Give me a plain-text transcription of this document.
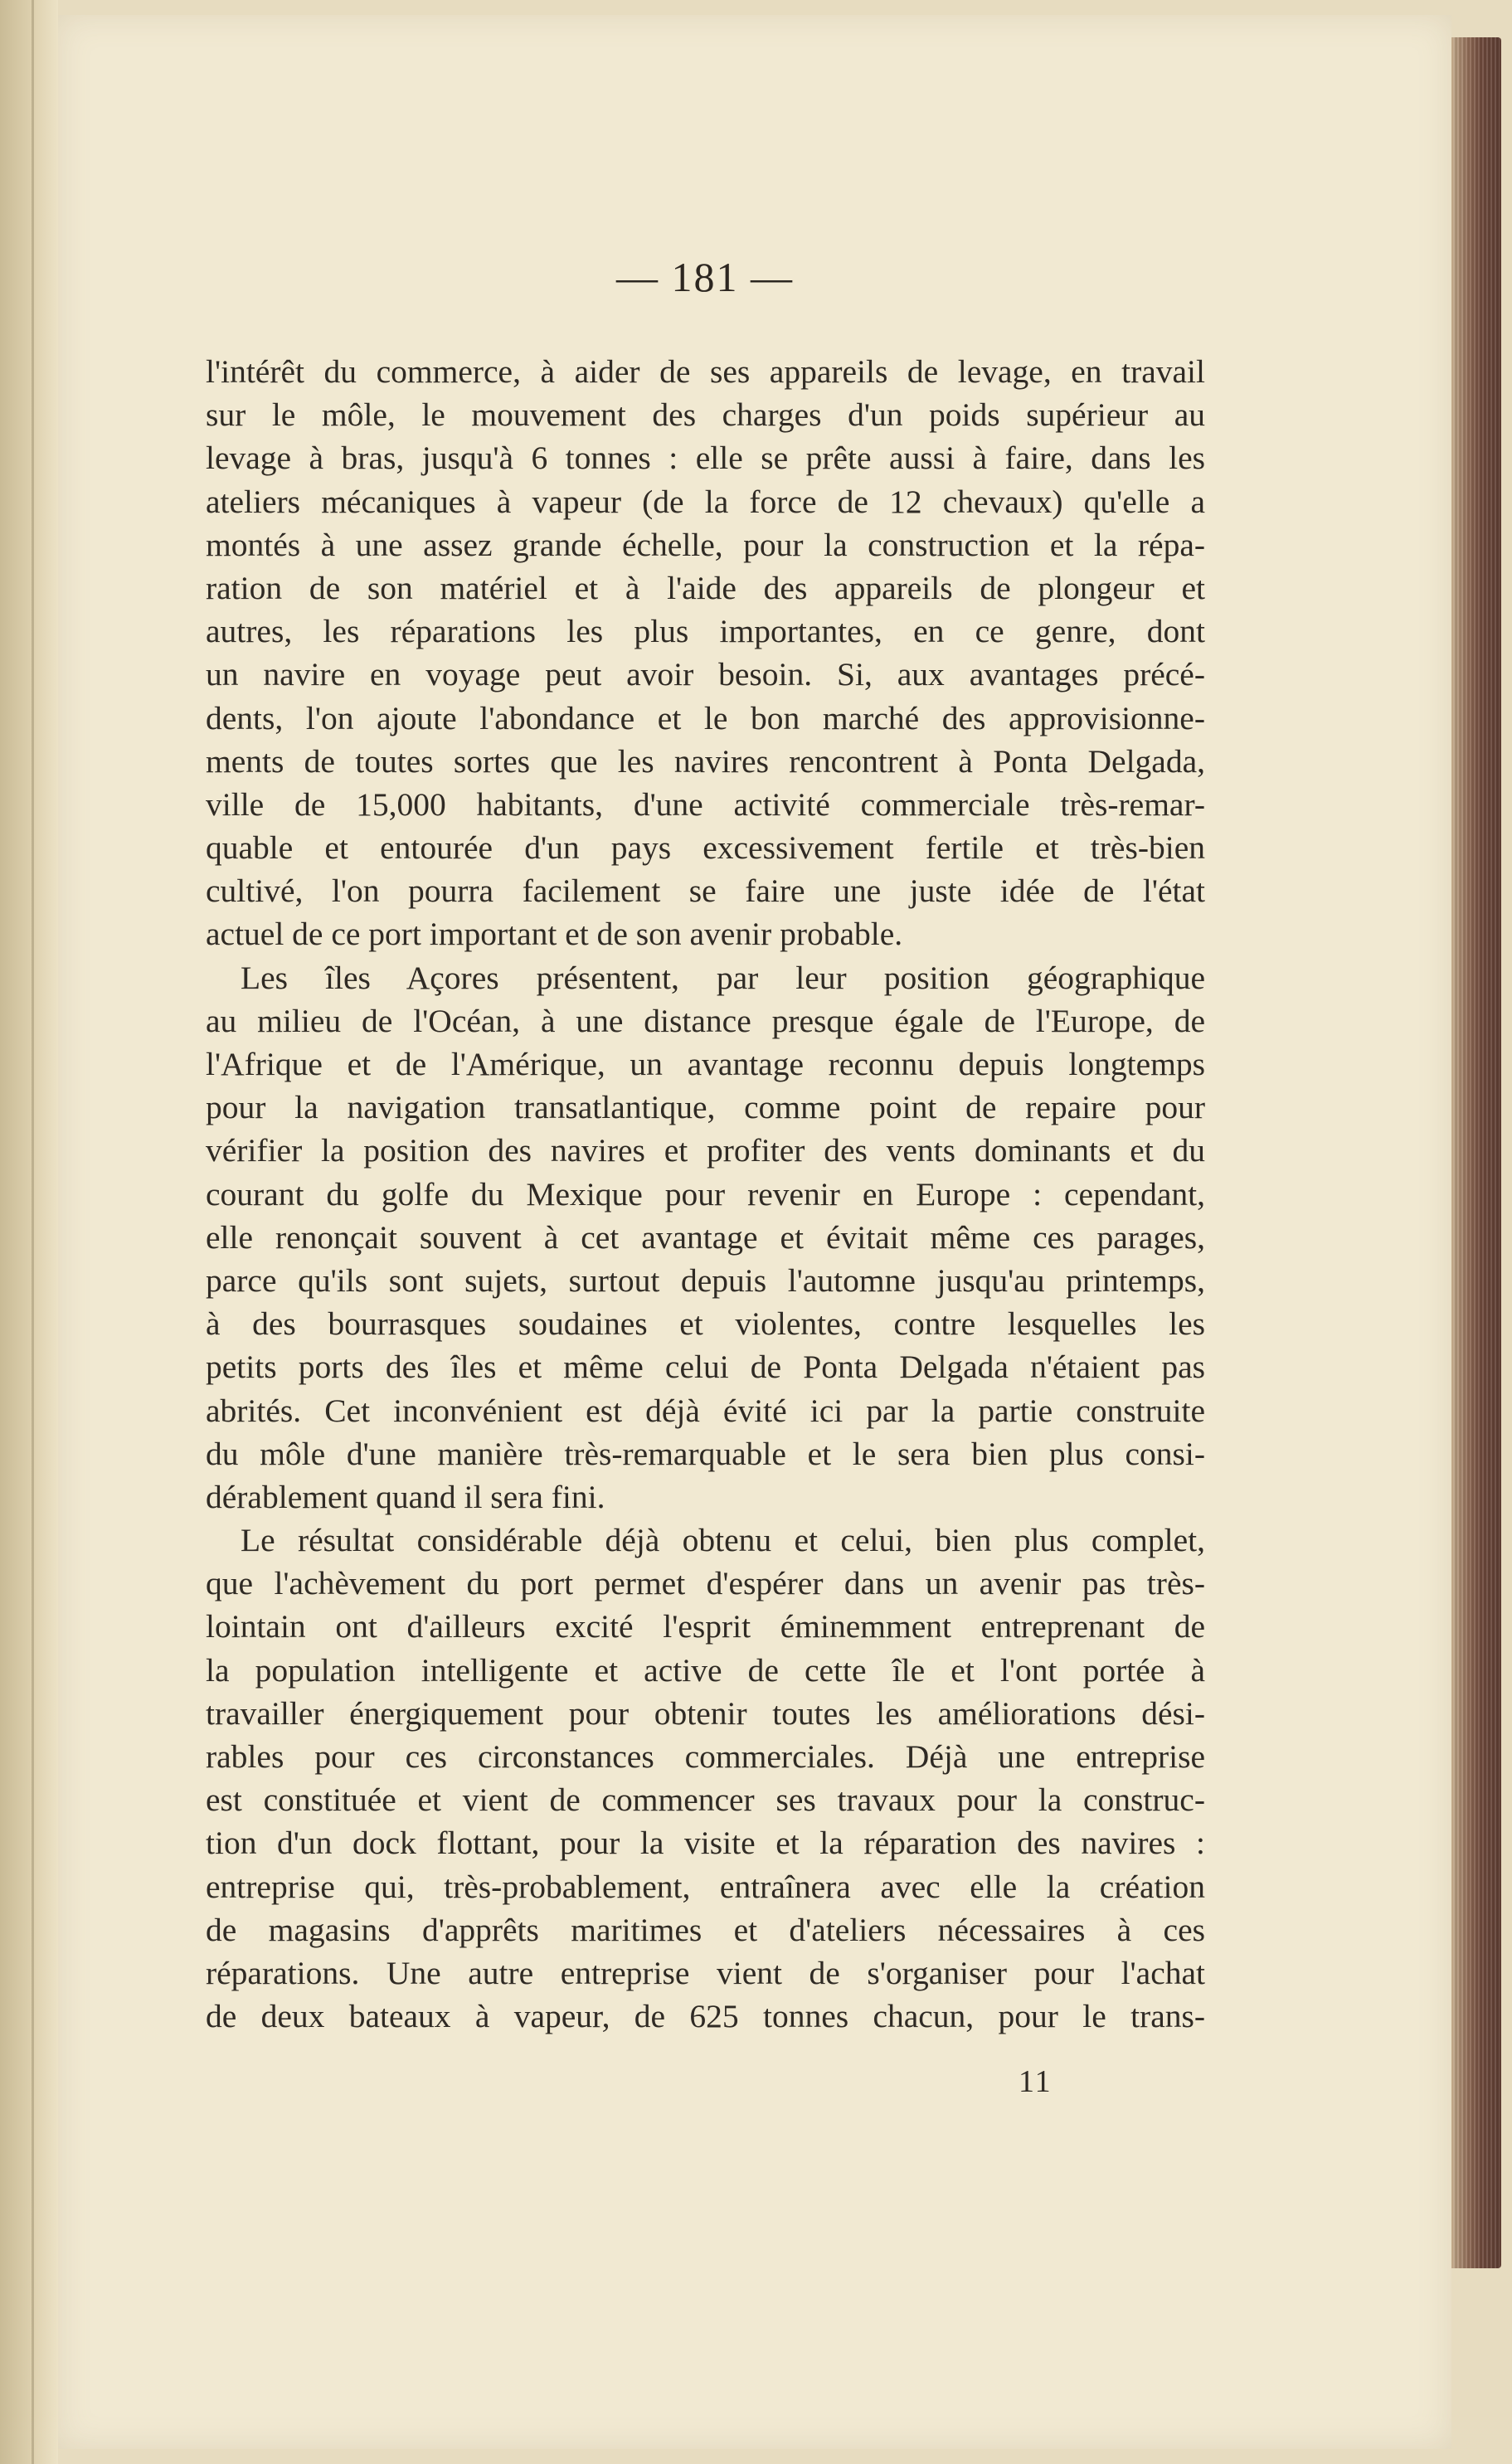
— 181 —
l'intérêt du commerce, à aider de ses appareils de levage, en travail
sur le môle, le mouvement des charges d'un poids supérieur au
levage à bras, jusqu'à 6 tonnes : elle se prête aussi à faire, dans les
ateliers mécaniques à vapeur (de la force de 12 chevaux) qu'elle a
montés à une assez grande échelle, pour la construction et la répa-
ration de son matériel et à l'aide des appareils de plongeur et
autres, les réparations les plus importantes, en ce genre, dont
un navire en voyage peut avoir besoin. Si, aux avantages précé-
dents, l'on ajoute l'abondance et le bon marché des approvisionne-
ments de toutes sortes que les navires rencontrent à Ponta Delgada,
ville de 15,000 habitants, d'une activité commerciale très-remar-
quable et entourée d'un pays excessivement fertile et très-bien
cultivé, l'on pourra facilement se faire une juste idée de l'état
actuel de ce port important et de son avenir probable.
Les îles Açores présentent, par leur position géographique
au milieu de l'Océan, à une distance presque égale de l'Europe, de
l'Afrique et de l'Amérique, un avantage reconnu depuis longtemps
pour la navigation transatlantique, comme point de repaire pour
vérifier la position des navires et profiter des vents dominants et du
courant du golfe du Mexique pour revenir en Europe : cependant,
elle renonçait souvent à cet avantage et évitait même ces parages,
parce qu'ils sont sujets, surtout depuis l'automne jusqu'au printemps,
à des bourrasques soudaines et violentes, contre lesquelles les
petits ports des îles et même celui de Ponta Delgada n'étaient pas
abrités. Cet inconvénient est déjà évité ici par la partie construite
du môle d'une manière très-remarquable et le sera bien plus consi-
dérablement quand il sera fini.
Le résultat considérable déjà obtenu et celui, bien plus complet,
que l'achèvement du port permet d'espérer dans un avenir pas très-
lointain ont d'ailleurs excité l'esprit éminemment entreprenant de
la population intelligente et active de cette île et l'ont portée à
travailler énergiquement pour obtenir toutes les améliorations dési-
rables pour ces circonstances commerciales. Déjà une entreprise
est constituée et vient de commencer ses travaux pour la construc-
tion d'un dock flottant, pour la visite et la réparation des navires :
entreprise qui, très-probablement, entraînera avec elle la création
de magasins d'apprêts maritimes et d'ateliers nécessaires à ces
réparations. Une autre entreprise vient de s'organiser pour l'achat
de deux bateaux à vapeur, de 625 tonnes chacun, pour le trans-
11
